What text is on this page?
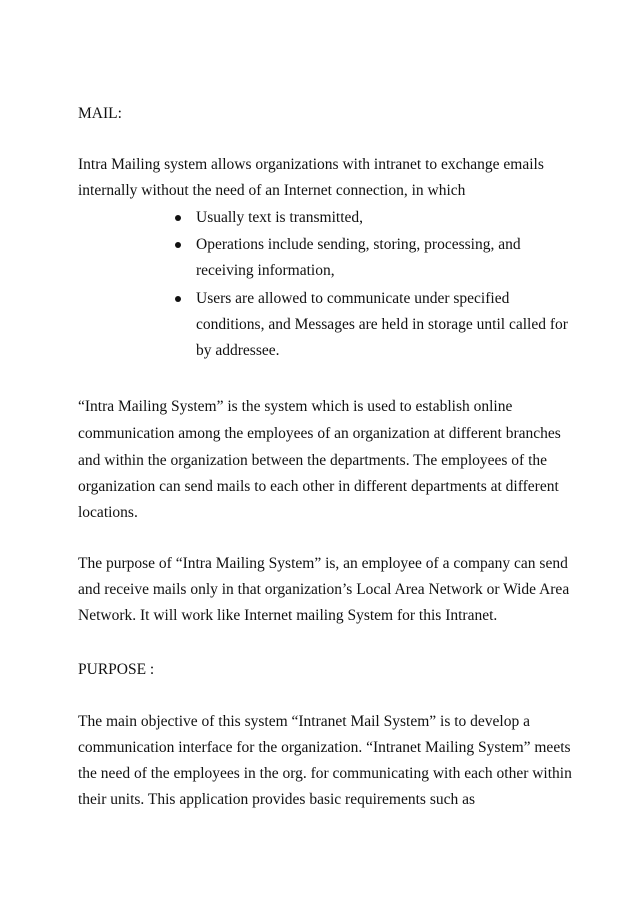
MAIL:

Intra Mailing system allows organizations with intranet to exchange emails

internally without the need of an Internet connection, in which

Usually text is transmitted,
Operations include sending, storing, processing, and
receiving information,
Users are allowed to communicate under specified
conditions, and Messages are held in storage until called for
by addressee.

“Intra Mailing System” is the system which is used to establish online

communication among the employees of an organization at different branches

and within the organization between the departments. The employees of the

organization can send mails to each other in different departments at different

locations.

The purpose of “Intra Mailing System” is, an employee of a company can send

and receive mails only in that organization’s Local Area Network or Wide Area

Network. It will work like Internet mailing System for this Intranet.

PURPOSE :

The main objective of this system “Intranet Mail System” is to develop a

communication interface for the organization. “Intranet Mailing System” meets

the need of the employees in the org. for communicating with each other within

their units. This application provides basic requirements such as
